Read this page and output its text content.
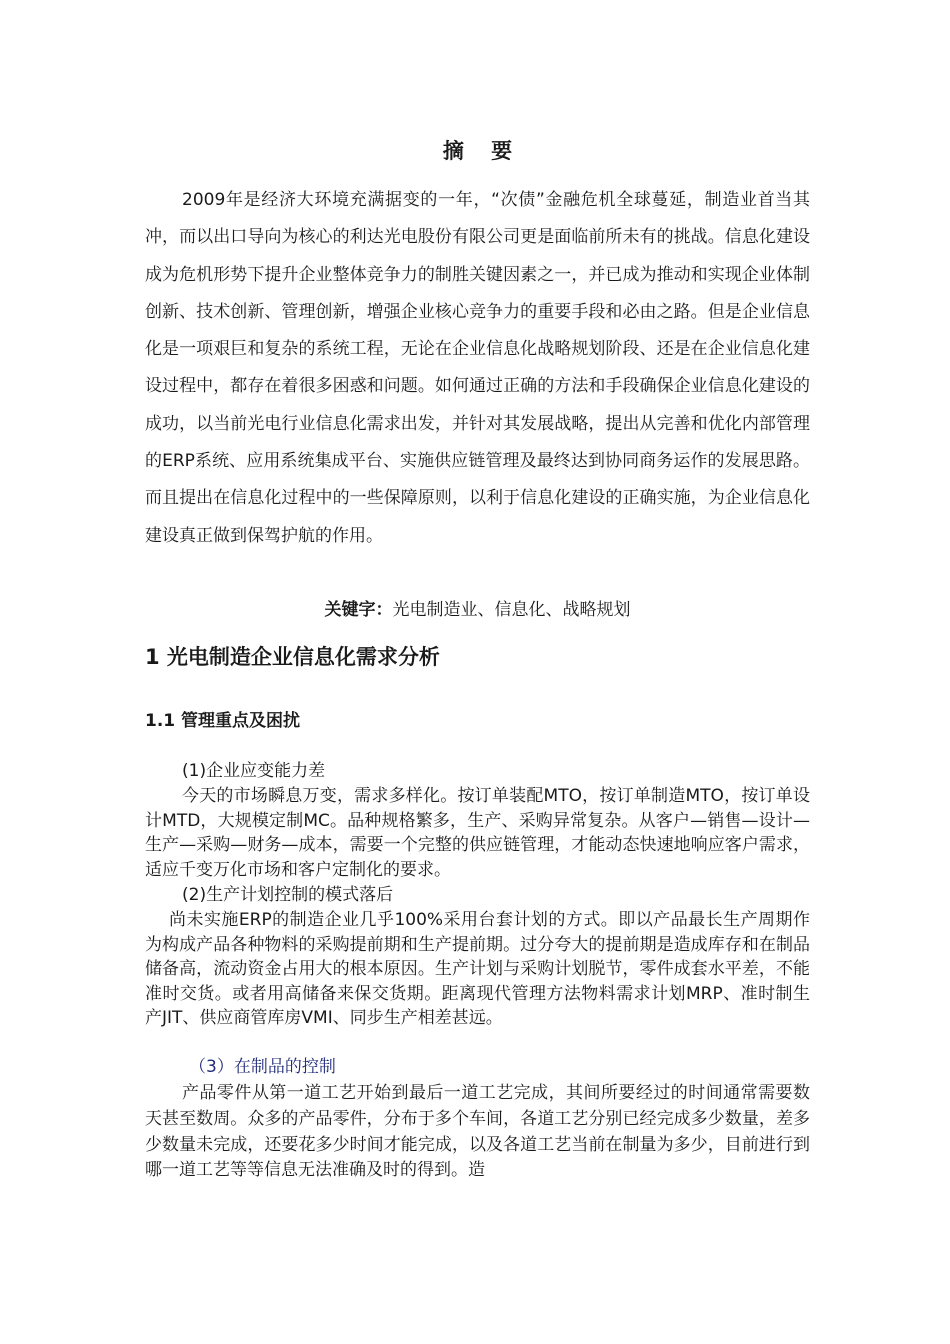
摘 要

2009年是经济大环境充满据变的一年，“次债”金融危机全球蔓延，制造业首当其冲，而以出口导向为核心的利达光电股份有限公司更是面临前所未有的挑战。信息化建设成为危机形势下提升企业整体竞争力的制胜关键因素之一，并已成为推动和实现企业体制创新、技术创新、管理创新，增强企业核心竞争力的重要手段和必由之路。但是企业信息化是一项艰巨和复杂的系统工程，无论在企业信息化战略规划阶段、还是在企业信息化建设过程中，都存在着很多困惑和问题。如何通过正确的方法和手段确保企业信息化建设的成功，以当前光电行业信息化需求出发，并针对其发展战略，提出从完善和优化内部管理的ERP系统、应用系统集成平台、实施供应链管理及最终达到协同商务运作的发展思路。而且提出在信息化过程中的一些保障原则，以利于信息化建设的正确实施，为企业信息化建设真正做到保驾护航的作用。

关键字：光电制造业、信息化、战略规划
1 光电制造企业信息化需求分析
1.1 管理重点及困扰
(1)企业应变能力差

今天的市场瞬息万变，需求多样化。按订单装配MTO，按订单制造MTO，按订单设计MTD，大规模定制MC。品种规格繁多，生产、采购异常复杂。从客户—销售—设计—生产—采购—财务—成本，需要一个完整的供应链管理，才能动态快速地响应客户需求，适应千变万化市场和客户定制化的要求。

(2)生产计划控制的模式落后

尚未实施ERP的制造企业几乎100%采用台套计划的方式。即以产品最长生产周期作为构成产品各种物料的采购提前期和生产提前期。过分夸大的提前期是造成库存和在制品储备高，流动资金占用大的根本原因。生产计划与采购计划脱节，零件成套水平差，不能准时交货。或者用高储备来保交货期。距离现代管理方法物料需求计划MRP、准时制生产JIT、供应商管库房VMI、同步生产相差甚远。

（3）在制品的控制

产品零件从第一道工艺开始到最后一道工艺完成，其间所要经过的时间通常需要数天甚至数周。众多的产品零件，分布于多个车间，各道工艺分别已经完成多少数量，差多少数量未完成，还要花多少时间才能完成，以及各道工艺当前在制量为多少，目前进行到哪一道工艺等等信息无法准确及时的得到。造
